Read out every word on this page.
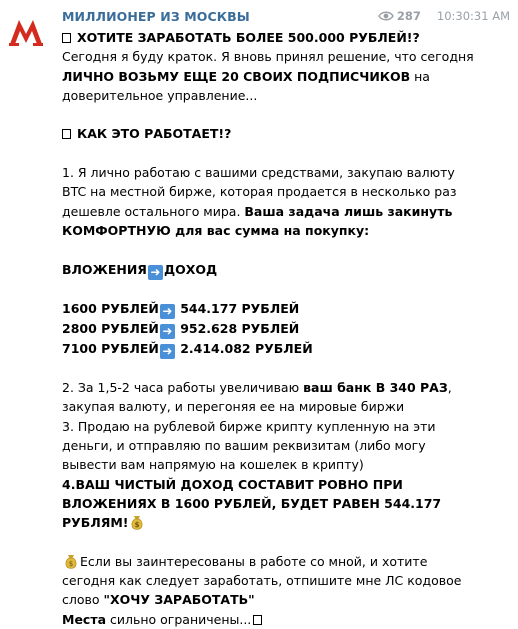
МИЛЛИОНЕР ИЗ МОСКВЫ	287 10:30:31 AM
ХОТИТЕ ЗАРАБОТАТЬ БОЛЕЕ 500.000 РУБЛЕЙ!?
Сегодня я буду краток. Я вновь принял решение, что сегодня
ЛИЧНО ВОЗЬМУ ЕЩЕ 20 СВОИХ ПОДПИСЧИКОВ на
доверительное управление...
КАК ЭТО РАБОТАЕТ!?
1. Я лично работаю с вашими средствами, закупаю валюту
BTC на местной бирже, которая продается в несколько раз
дешевле остального мира. Ваша задача лишь закинуть
КОМФОРТНУЮ для вас сумма на покупку:
ВЛОЖЕНИЯ ➜ ДОХОД
1600 РУБЛЕЙ ➜ 544.177 РУБЛЕЙ
2800 РУБЛЕЙ ➜ 952.628 РУБЛЕЙ
7100 РУБЛЕЙ ➜ 2.414.082 РУБЛЕЙ
2. За 1,5-2 часа работы увеличиваю ваш банк В 340 РАЗ,
закупая валюту, и перегоняя ее на мировые биржи
3. Продаю на рублевой бирже крипту купленную на эти
деньги, и отправляю по вашим реквизитам (либо могу
вывести вам напрямую на кошелек в крипту)
4.ВАШ ЧИСТЫЙ ДОХОД СОСТАВИТ РОВНО ПРИ
ВЛОЖЕНИЯХ В 1600 РУБЛЕЙ, БУДЕТ РАВЕН 544.177
РУБЛЯМ! $
$ Если вы заинтересованы в работе со мной, и хотите
сегодня как следует заработать, отпишите мне ЛС кодовое
слово "ХОЧУ ЗАРАБОТАТЬ"
Места сильно ограничены...
